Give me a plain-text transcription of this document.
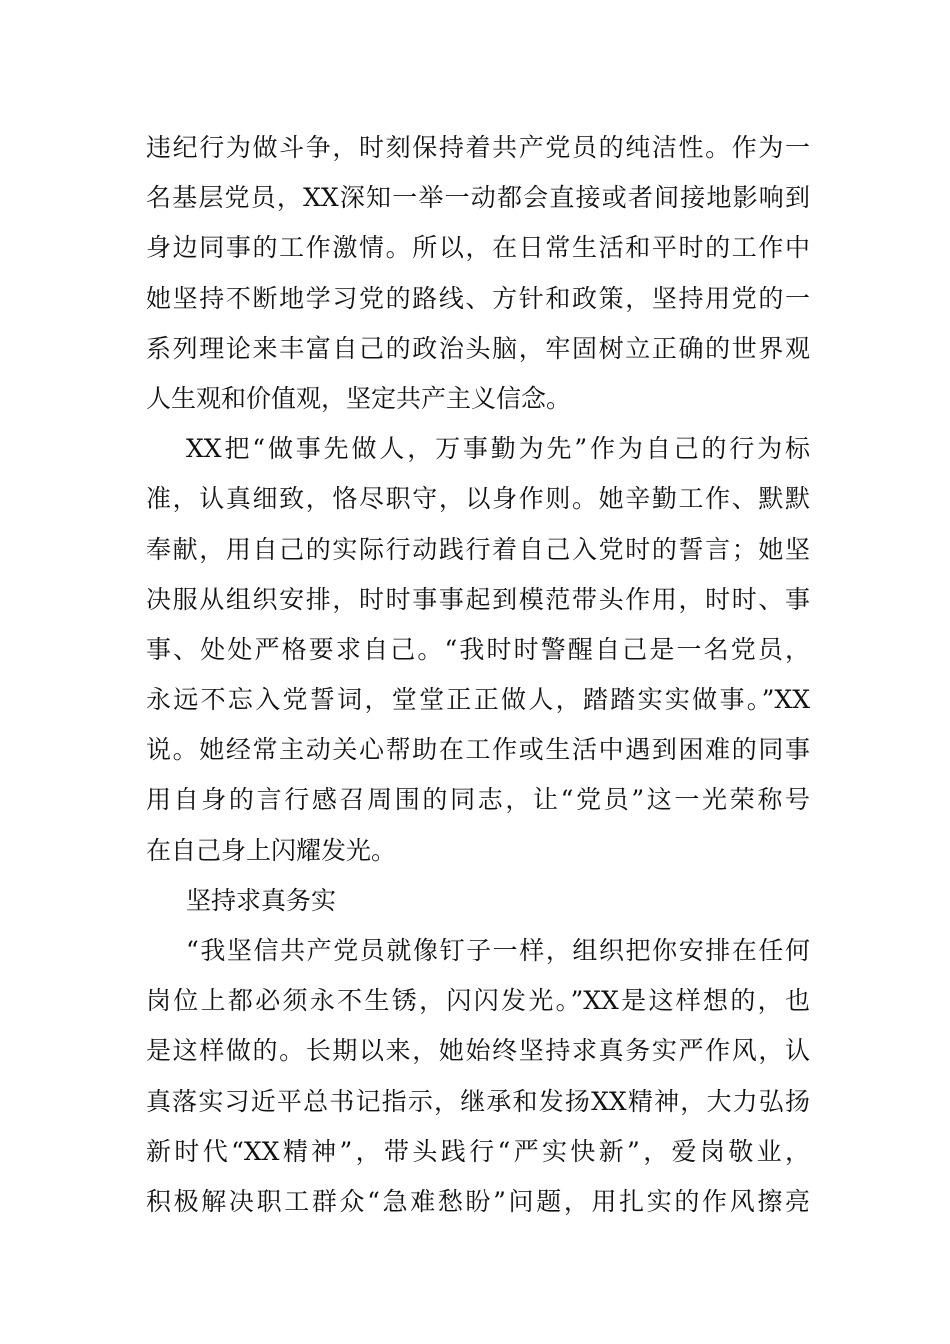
违纪行为做斗争，时刻保持着共产党员的纯洁性。作为一
名基层党员，XX深知一举一动都会直接或者间接地影响到
身边同事的工作激情。所以，在日常生活和平时的工作中
她坚持不断地学习党的路线、方针和政策，坚持用党的一
系列理论来丰富自己的政治头脑，牢固树立正确的世界观
人生观和价值观，坚定共产主义信念。
XX把“做事先做人，万事勤为先”作为自己的行为标
准，认真细致，恪尽职守，以身作则。她辛勤工作、默默
奉献，用自己的实际行动践行着自己入党时的誓言；她坚
决服从组织安排，时时事事起到模范带头作用，时时、事
事、处处严格要求自己。“我时时警醒自己是一名党员，
永远不忘入党誓词，堂堂正正做人，踏踏实实做事。”XX
说。她经常主动关心帮助在工作或生活中遇到困难的同事
用自身的言行感召周围的同志，让“党员”这一光荣称号
在自己身上闪耀发光。
坚持求真务实
“我坚信共产党员就像钉子一样，组织把你安排在任何
岗位上都必须永不生锈，闪闪发光。”XX是这样想的，也
是这样做的。长期以来，她始终坚持求真务实严作风，认
真落实习近平总书记指示，继承和发扬XX精神，大力弘扬
新时代“XX精神”，带头践行“严实快新”，爱岗敬业，
积极解决职工群众“急难愁盼”问题，用扎实的作风擦亮
